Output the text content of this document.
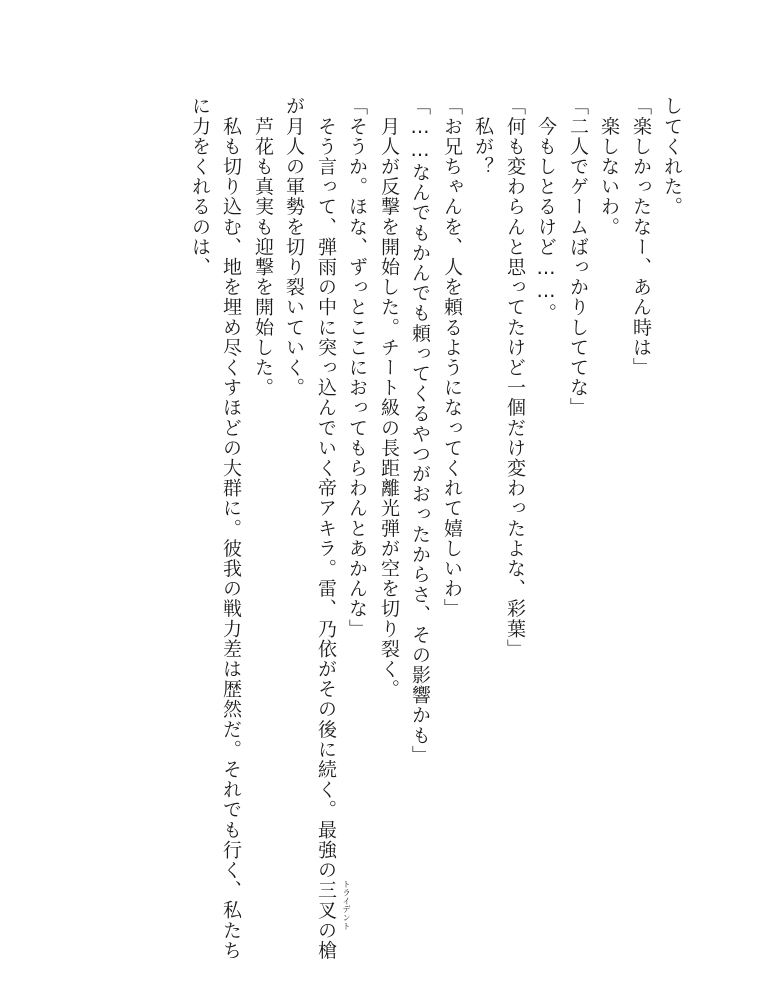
してくれた。
「楽しかったなー、あん時は」
　楽しないわ。
「二人でゲームばっかりしててな」
　今もしとるけど……。
「何も変わらんと思ってたけど一個だけ変わったよな、彩葉」
　私が？
「お兄ちゃんを、人を頼るようになってくれて嬉しいわ」
「……なんでもかんでも頼ってくるやつがおったからさ、その影響かも」
　月人が反撃を開始した。チート級の長距離光弾が空を切り裂く。
「そうか。ほな、ずっとここにおってもらわんとあかんな」
　そう言って、弾雨の中に突っ込んでいく帝アキラ。雷、乃依がその後に続く。最強の三叉の槍 トライデント
が月人の軍勢を切り裂いていく。
　芦花も真実も迎撃を開始した。
　私も切り込む、地を埋め尽くすほどの大群に。彼我の戦力差は歴然だ。それでも行く、私たち
に力をくれるのは、
